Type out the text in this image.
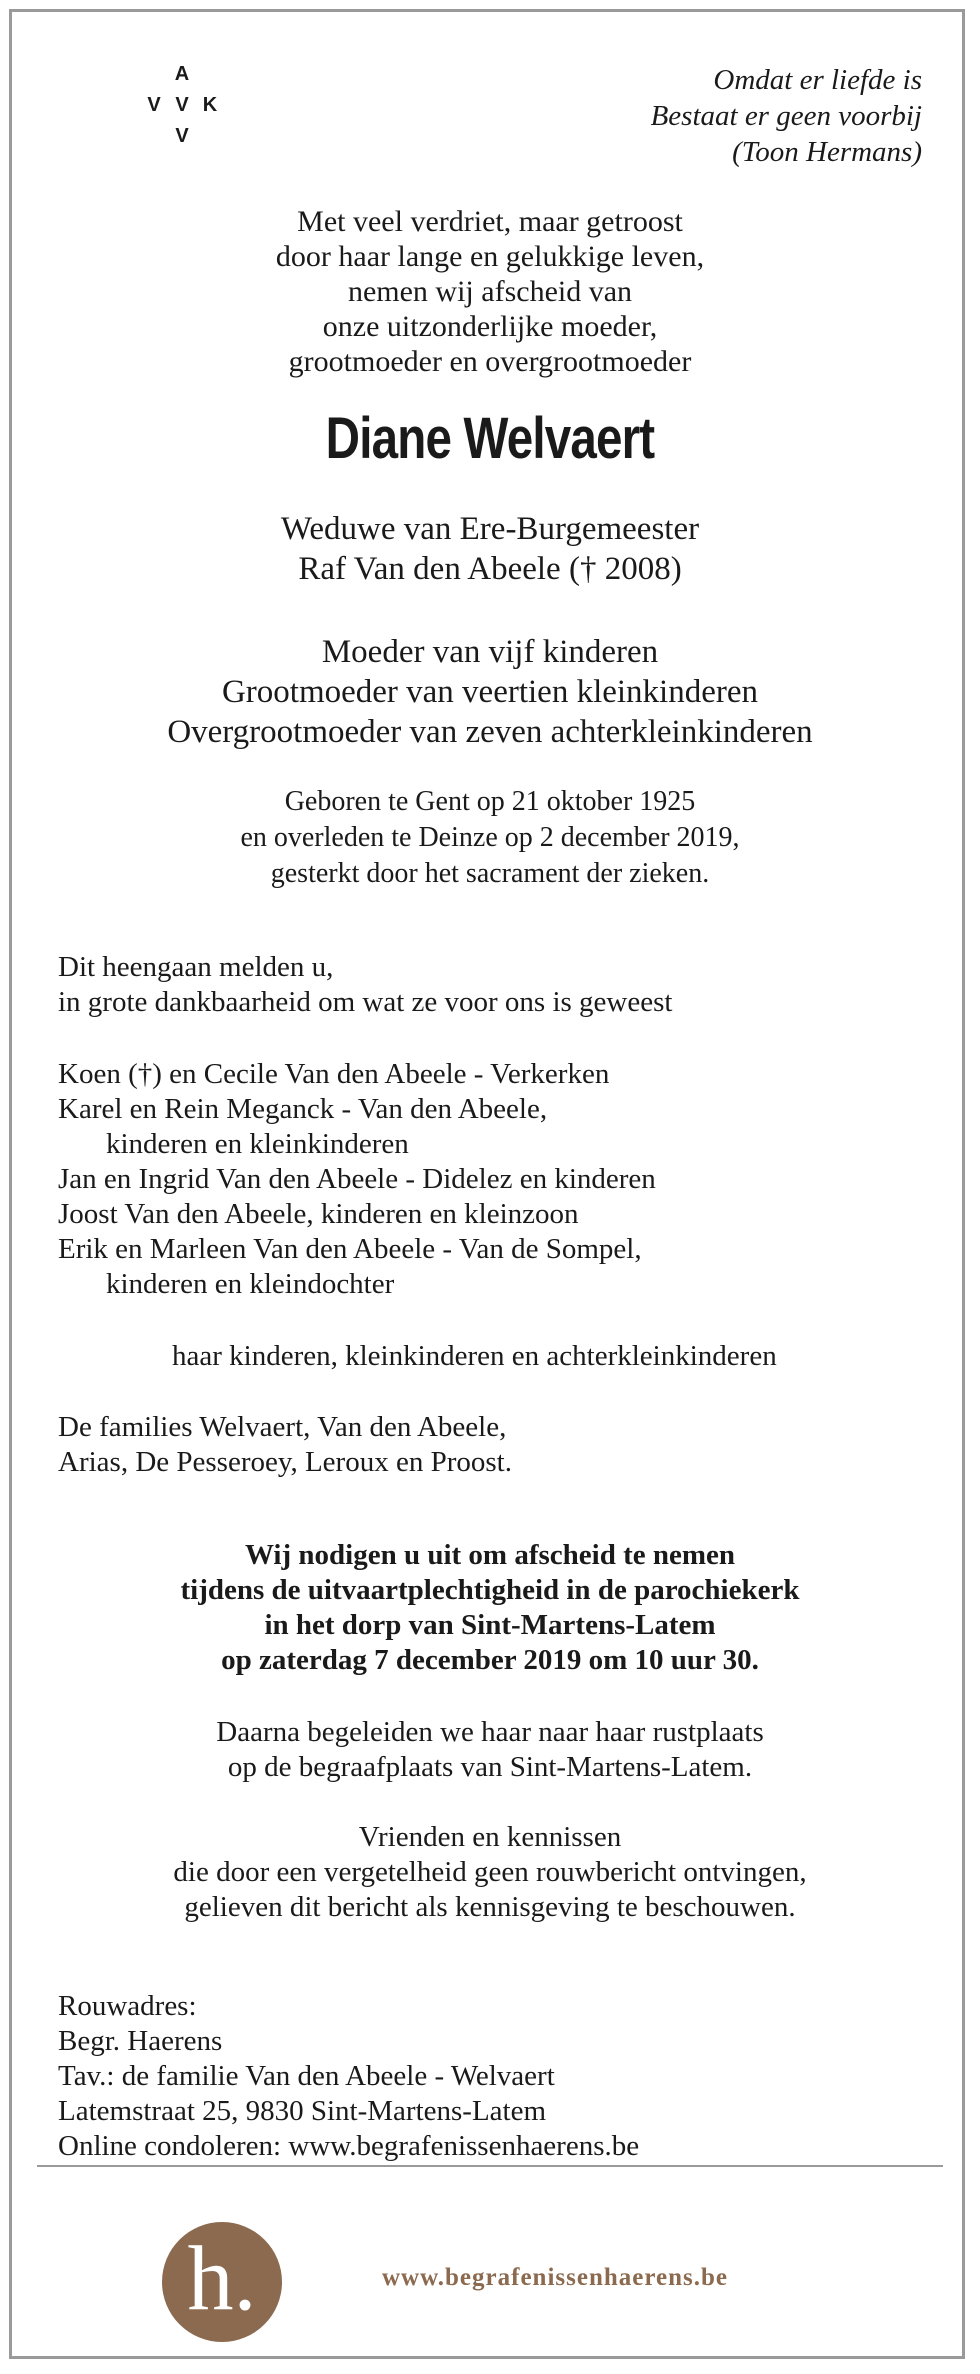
A
V V K
V
Omdat er liefde is
Bestaat er geen voorbij
(Toon Hermans)
Met veel verdriet, maar getroost
door haar lange en gelukkige leven,
nemen wij afscheid van
onze uitzonderlijke moeder,
grootmoeder en overgrootmoeder
Diane Welvaert
Weduwe van Ere-Burgemeester
Raf Van den Abeele († 2008)
Moeder van vijf kinderen
Grootmoeder van veertien kleinkinderen
Overgrootmoeder van zeven achterkleinkinderen
Geboren te Gent op 21 oktober 1925
en overleden te Deinze op 2 december 2019,
gesterkt door het sacrament der zieken.
Dit heengaan melden u,
in grote dankbaarheid om wat ze voor ons is geweest
Koen (†) en Cecile Van den Abeele - Verkerken
Karel en Rein Meganck - Van den Abeele,
kinderen en kleinkinderen
Jan en Ingrid Van den Abeele - Didelez en kinderen
Joost Van den Abeele, kinderen en kleinzoon
Erik en Marleen Van den Abeele - Van de Sompel,
kinderen en kleindochter
haar kinderen, kleinkinderen en achterkleinkinderen
De families Welvaert, Van den Abeele,
Arias, De Pesseroey, Leroux en Proost.
Wij nodigen u uit om afscheid te nemen
tijdens de uitvaartplechtigheid in de parochiekerk
in het dorp van Sint-Martens-Latem
op zaterdag 7 december 2019 om 10 uur 30.
Daarna begeleiden we haar naar haar rustplaats
op de begraafplaats van Sint-Martens-Latem.
Vrienden en kennissen
die door een vergetelheid geen rouwbericht ontvingen,
gelieven dit bericht als kennisgeving te beschouwen.
Rouwadres:
Begr. Haerens
Tav.: de familie Van den Abeele - Welvaert
Latemstraat 25, 9830 Sint-Martens-Latem
Online condoleren: www.begrafenissenhaerens.be
h.	www.begrafenissenhaerens.be
